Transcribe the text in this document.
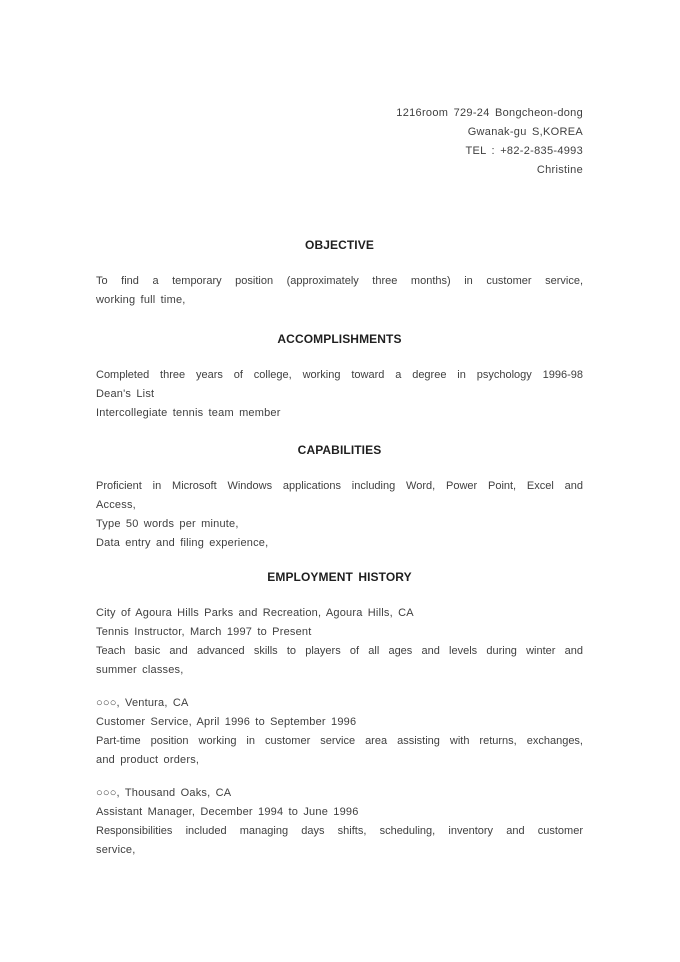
1216room 729-24 Bongcheon-dong
Gwanak-gu S,KOREA
TEL : +82-2-835-4993
Christine
OBJECTIVE
To find a temporary position (approximately three months) in customer service,
working full time,
ACCOMPLISHMENTS
Completed three years of college, working toward a degree in psychology 1996-98
Dean's List
Intercollegiate tennis team member
CAPABILITIES
Proficient in Microsoft Windows applications including Word, Power Point, Excel and
Access,
Type 50 words per minute,
Data entry and filing experience,
EMPLOYMENT HISTORY
City of Agoura Hills Parks and Recreation, Agoura Hills, CA
Tennis Instructor, March 1997 to Present
Teach basic and advanced skills to players of all ages and levels during winter and
summer classes,
○○○, Ventura, CA
Customer Service, April 1996 to September 1996
Part-time position working in customer service area assisting with returns, exchanges,
and product orders,
○○○, Thousand Oaks, CA
Assistant Manager, December 1994 to June 1996
Responsibilities included managing days shifts, scheduling, inventory and customer
service,
